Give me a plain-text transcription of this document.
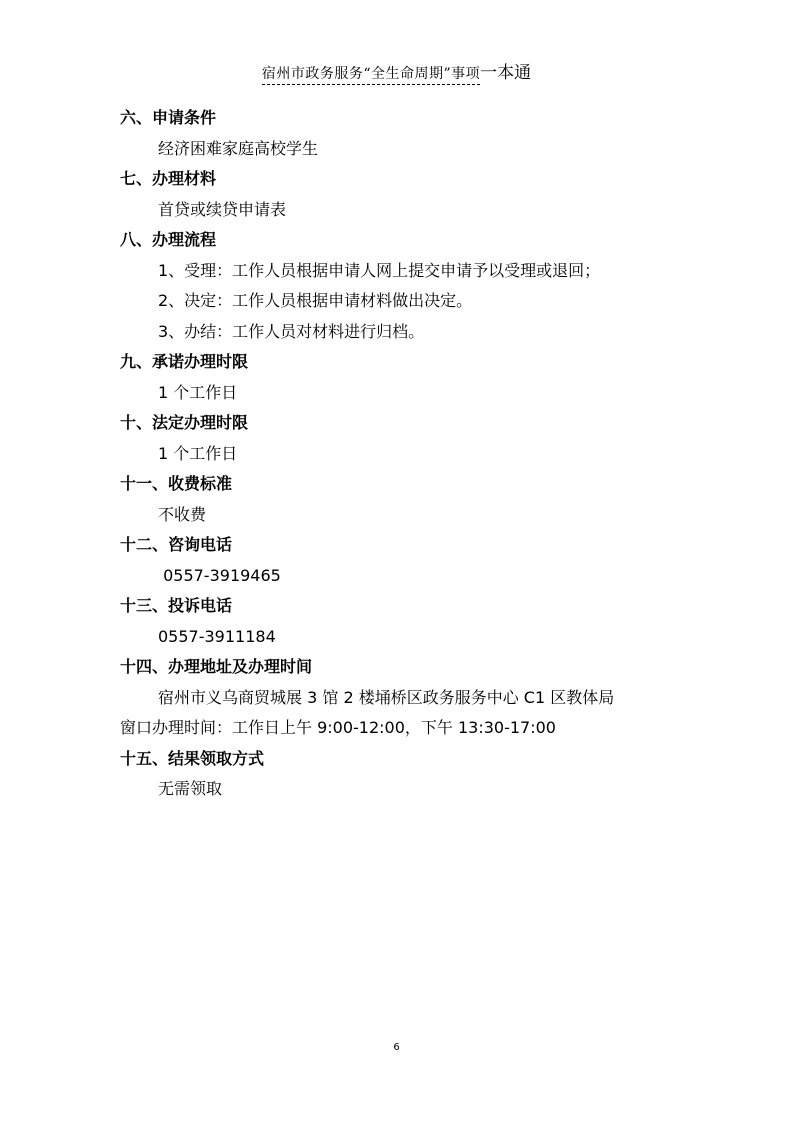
宿州市政务服务“全生命周期”事项一本通
六、申请条件
经济困难家庭高校学生
七、办理材料
首贷或续贷申请表
八、办理流程
1、受理：工作人员根据申请人网上提交申请予以受理或退回；
2、决定：工作人员根据申请材料做出决定。
3、办结：工作人员对材料进行归档。
九、承诺办理时限
1 个工作日
十、法定办理时限
1 个工作日
十一、收费标准
不收费
十二、咨询电话
0557-3919465
十三、投诉电话
0557-3911184
十四、办理地址及办理时间
宿州市义乌商贸城展 3 馆 2 楼埇桥区政务服务中心 C1 区教体局
窗口办理时间：工作日上午 9:00-12:00，下午 13:30-17:00
十五、结果领取方式
无需领取
6
